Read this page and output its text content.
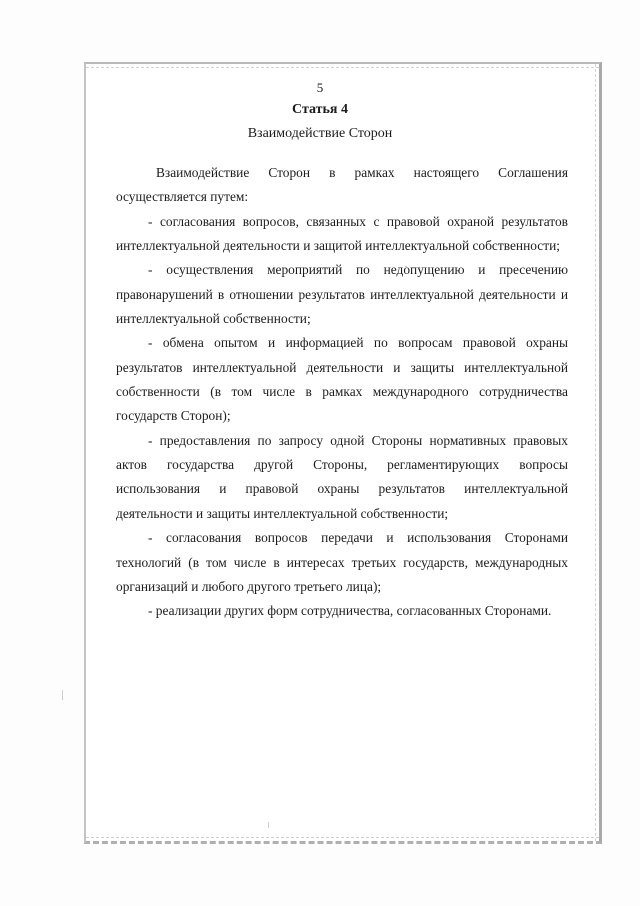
5
Статья 4
Взаимодействие Сторон

Взаимодействие Сторон в рамках настоящего Соглашения осуществляется путем:

- согласования вопросов, связанных с правовой охраной результатов интеллектуальной деятельности и защитой интеллектуальной собственности;

- осуществления мероприятий по недопущению и пресечению правонарушений в отношении результатов интеллектуальной деятельности и интеллектуальной собственности;

- обмена опытом и информацией по вопросам правовой охраны результатов интеллектуальной деятельности и защиты интеллектуальной собственности (в том числе в рамках международного сотрудничества государств Сторон);

- предоставления по запросу одной Стороны нормативных правовых актов государства другой Стороны, регламентирующих вопросы использования и правовой охраны результатов интеллектуальной деятельности и защиты интеллектуальной собственности;

- согласования вопросов передачи и использования Сторонами технологий (в том числе в интересах третьих государств, международных организаций и любого другого третьего лица);

- реализации других форм сотрудничества, согласованных Сторонами.
